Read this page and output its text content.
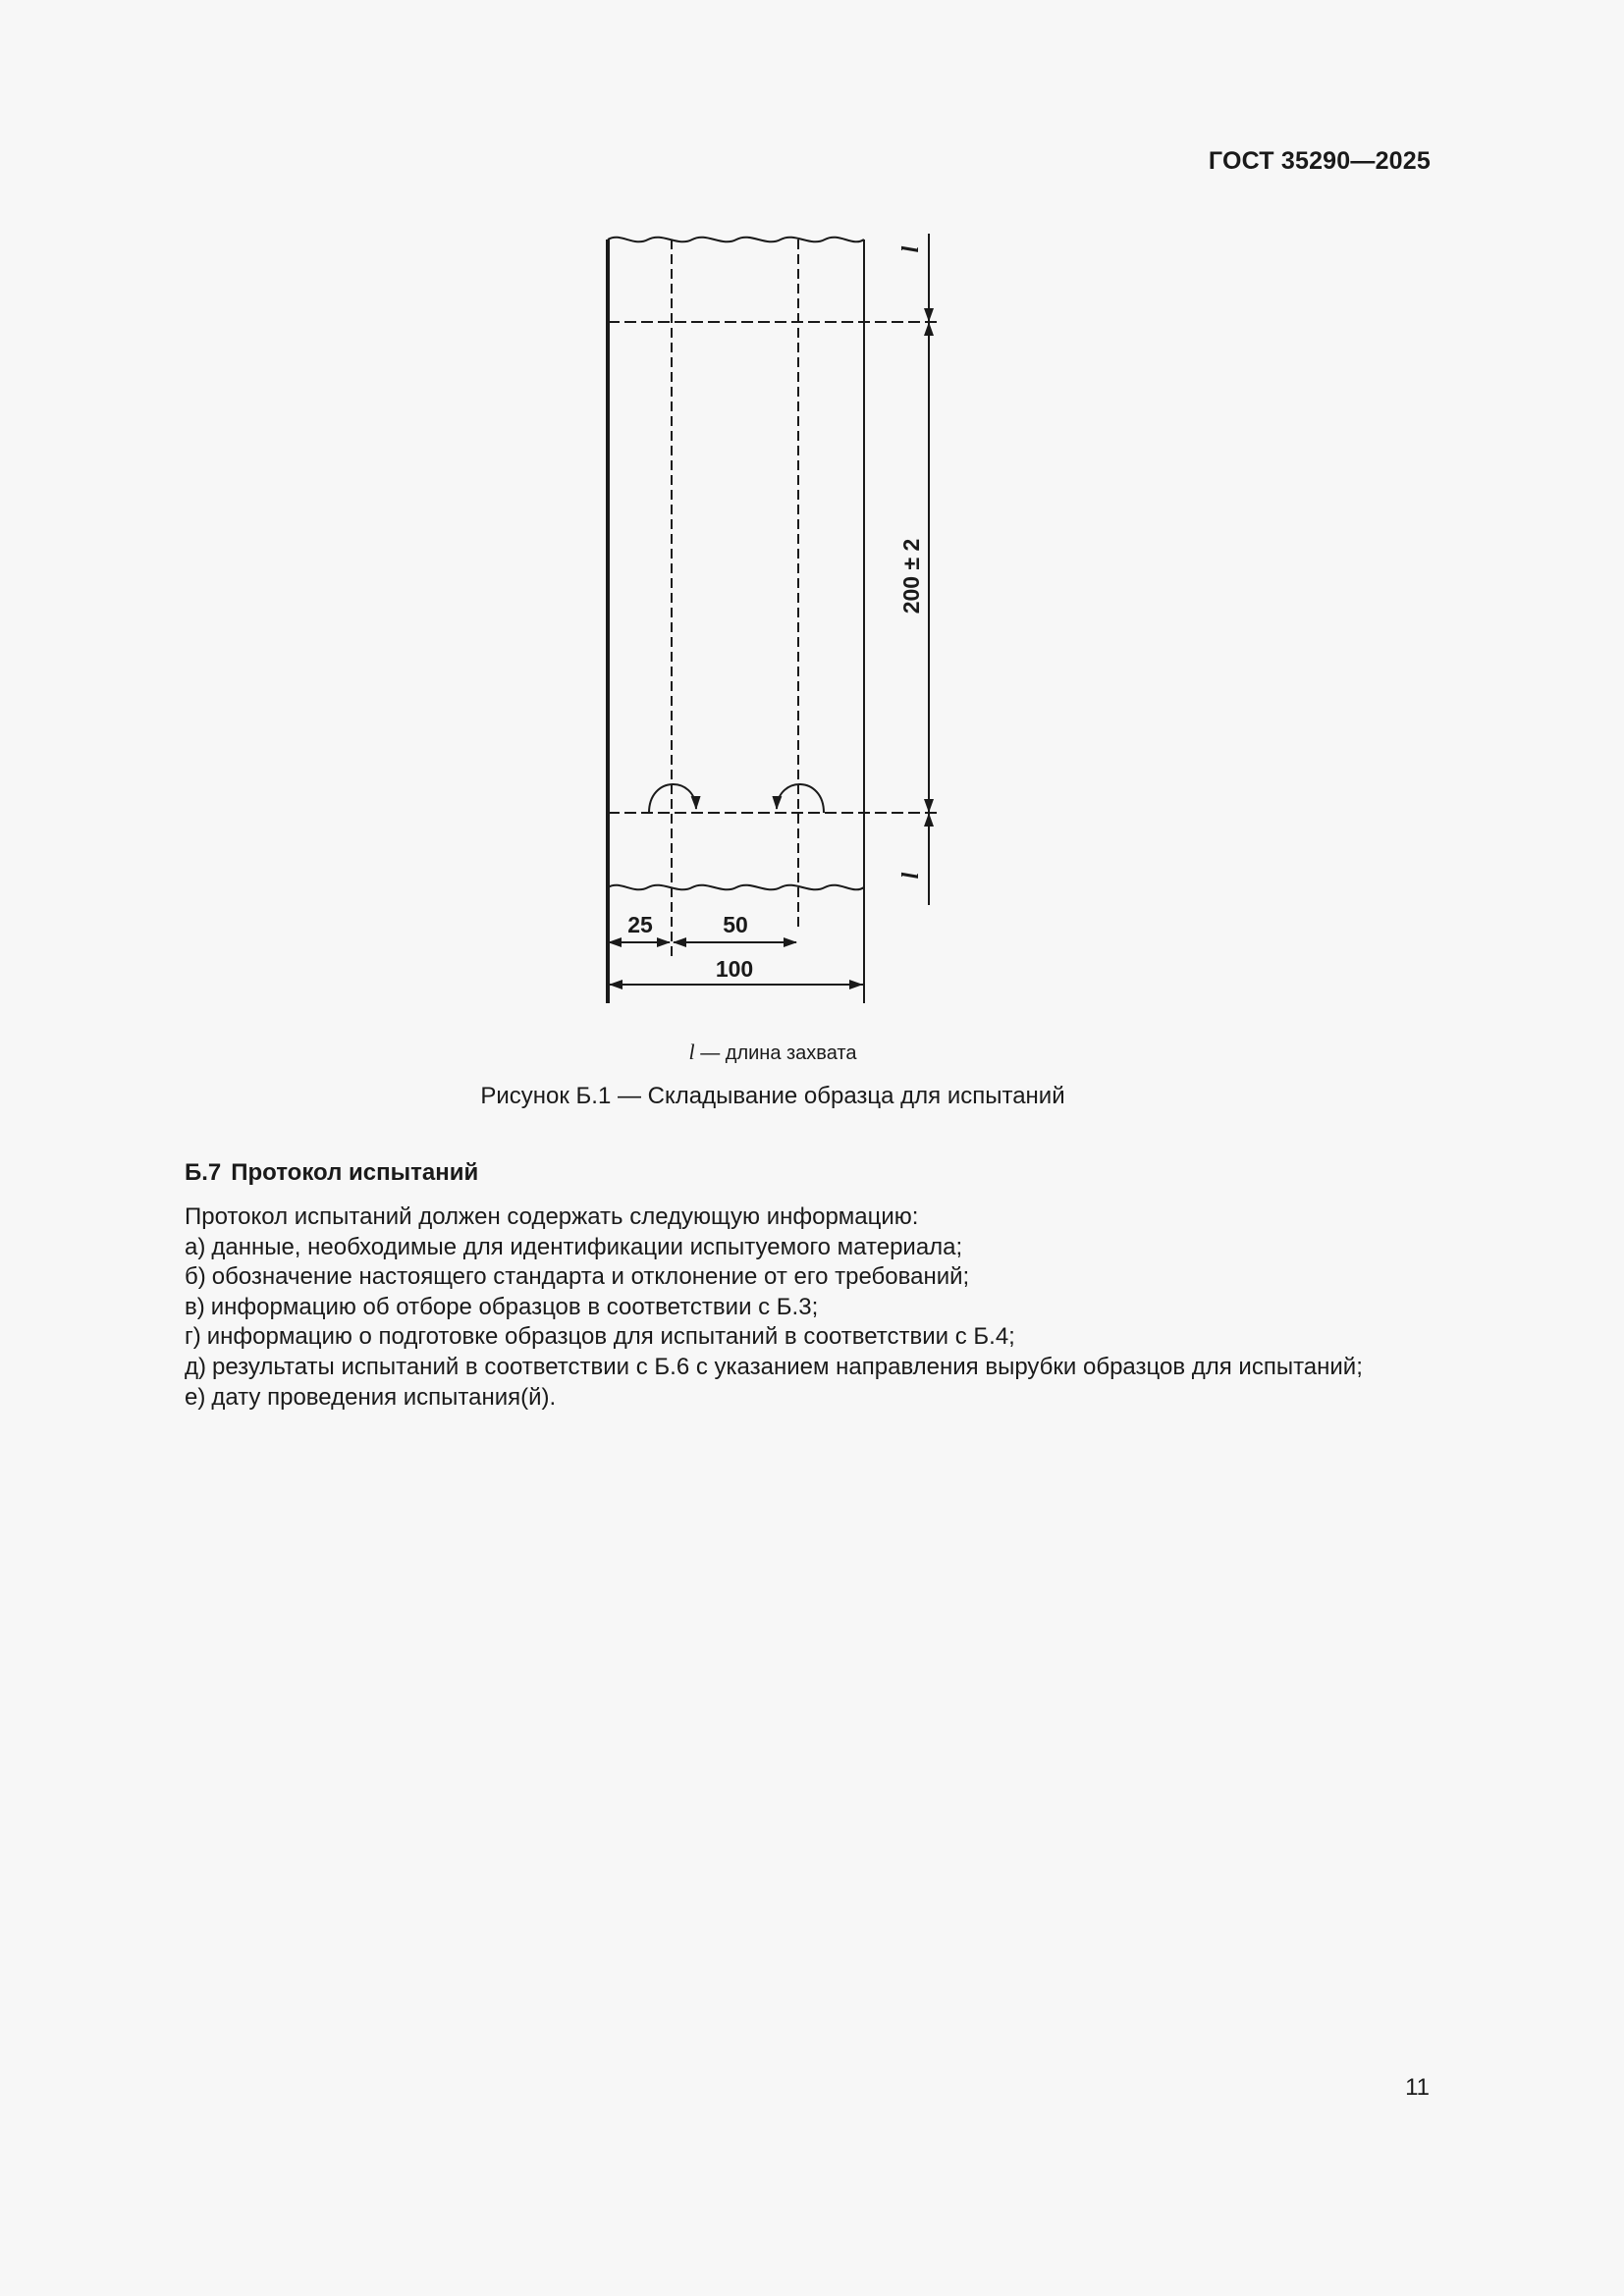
ГОСТ 35290—2025
l
l
200 ± 2
25	50
100
l — длина захвата
Рисунок Б.1 — Складывание образца для испытаний
Б.7 Протокол испытаний

Протокол испытаний должен содержать следующую информацию:

а) данные, необходимые для идентификации испытуемого материала;

б) обозначение настоящего стандарта и отклонение от его требований;

в) информацию об отборе образцов в соответствии с Б.3;

г) информацию о подготовке образцов для испытаний в соответствии с Б.4;

д) результаты испытаний в соответствии с Б.6 с указанием направления вырубки образцов для испытаний;

е) дату проведения испытания(й).

11
